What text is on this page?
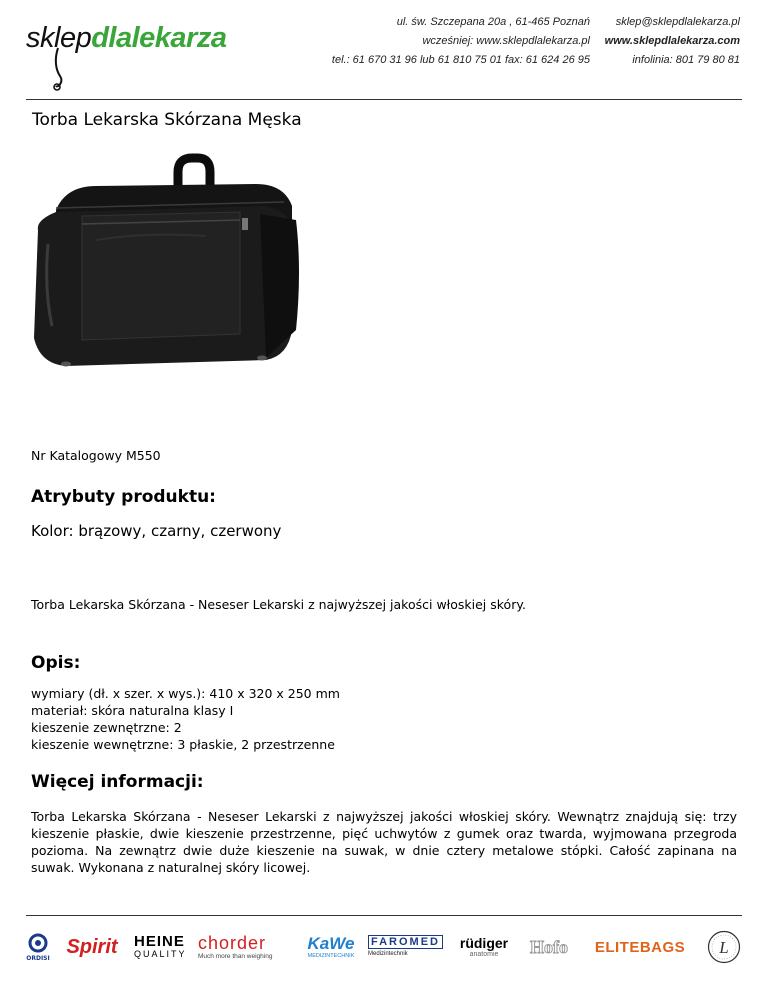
sklepdlalekarza	ul. św. Szczepana 20a , 61-465 Poznań
wcześniej: www.sklepdlalekarza.pl
tel.: 61 670 31 96 lub 61 810 75 01 fax: 61 624 26 95
sklep@sklepdlalekarza.pl
www.sklepdlalekarza.com
infolinia: 801 79 80 81
Torba Lekarska Skórzana Męska
Nr Katalogowy M550
Atrybuty produktu:
Kolor: brązowy, czarny, czerwony
Torba Lekarska Skórzana - Neseser Lekarski z najwyższej jakości włoskiej skóry.
Opis:
wymiary (dł. x szer. x wys.): 410 x 320 x 250 mm
materiał: skóra naturalna klasy I
kieszenie zewnętrzne: 2
kieszenie wewnętrzne: 3 płaskie, 2 przestrzenne
Więcej informacji:
Torba Lekarska Skórzana - Neseser Lekarski z najwyższej jakości włoskiej skóry. Wewnątrz znajdują się: trzy kieszenie płaskie, dwie kieszenie przestrzenne, pięć uchwytów z gumek oraz twarda, wyjmowana przegroda pozioma. Na zewnątrz dwie duże kieszenie na suwak, w dnie cztery metalowe stópki. Całość zapinana na suwak. Wykonana z naturalnej skóry licowej.
ORDISI
Spirit HEINE
QUALITY
chorder
Much more than weighing
KaWe
MEDIZINTECHNIK
FAROMED
Medizintechnik
rüdiger
anatomie Hofo ELITEBAGS L
